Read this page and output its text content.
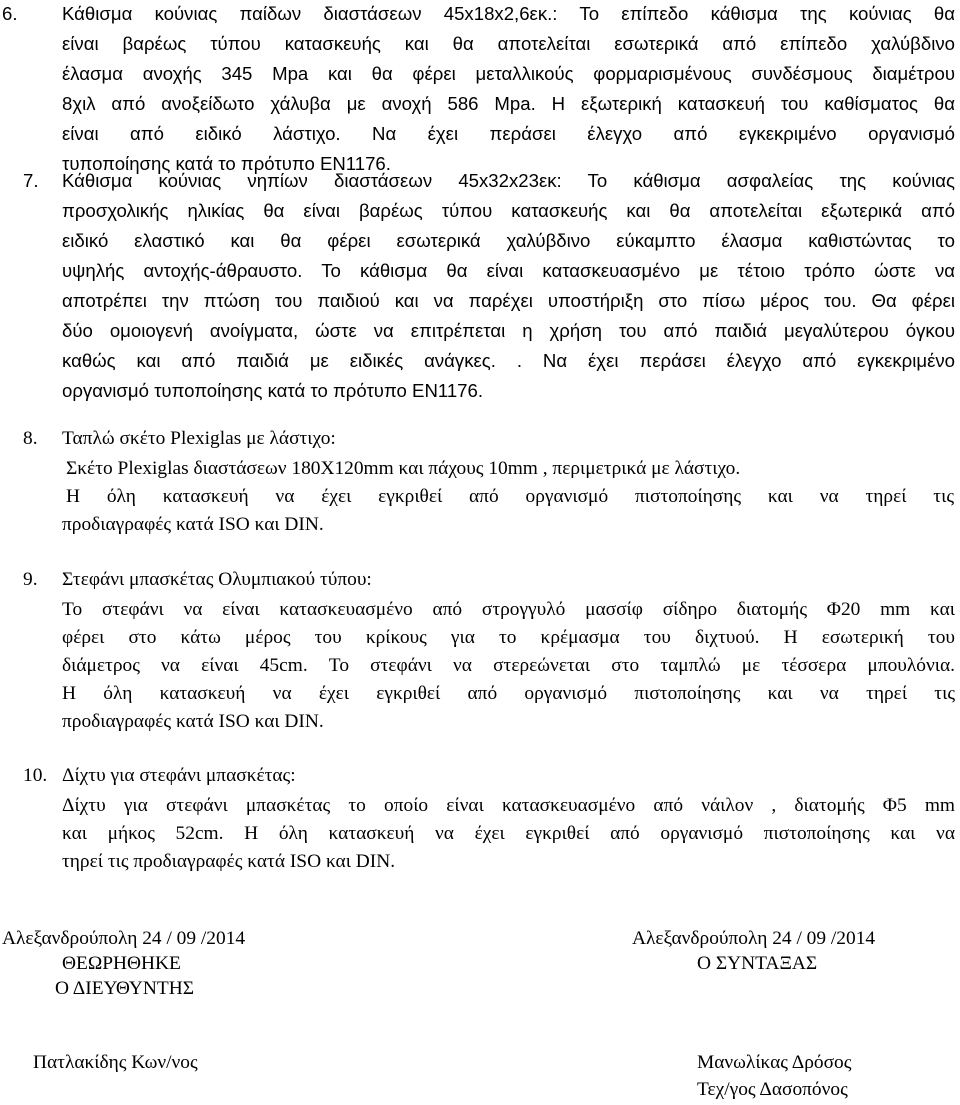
6. Κάθισμα κούνιας παίδων διαστάσεων 45x18x2,6εκ.: Το επίπεδο κάθισμα της κούνιας θα
είναι βαρέως τύπου κατασκευής και θα αποτελείται εσωτερικά από επίπεδο χαλύβδινο
έλασμα ανοχής 345 Mpa και θα φέρει μεταλλικούς φορμαρισμένους συνδέσμους διαμέτρου
8χιλ από ανοξείδωτο χάλυβα με ανοχή 586 Mpa. Η εξωτερική κατασκευή του καθίσματος θα
είναι από ειδικό λάστιχο. Να έχει περάσει έλεγχο από εγκεκριμένο οργανισμό
τυποποίησης κατά το πρότυπο EN1176.
7. Κάθισμα κούνιας νηπίων διαστάσεων 45x32x23εκ: Το κάθισμα ασφαλείας της κούνιας
προσχολικής ηλικίας θα είναι βαρέως τύπου κατασκευής και θα αποτελείται εξωτερικά από
ειδικό ελαστικό και θα φέρει εσωτερικά χαλύβδινο εύκαμπτο έλασμα καθιστώντας το
υψηλής αντοχής-άθραυστο. Το κάθισμα θα είναι κατασκευασμένο με τέτοιο τρόπο ώστε να
αποτρέπει την πτώση του παιδιού και να παρέχει υποστήριξη στο πίσω μέρος του. Θα φέρει
δύο ομοιογενή ανοίγματα, ώστε να επιτρέπεται η χρήση του από παιδιά μεγαλύτερου όγκου
καθώς και από παιδιά με ειδικές ανάγκες. . Να έχει περάσει έλεγχο από εγκεκριμένο
οργανισμό τυποποίησης κατά το πρότυπο EN1176.
8. Ταπλώ σκέτο Plexiglas με λάστιχο:
Σκέτο Plexiglas διαστάσεων 180Χ120mm και πάχους 10mm , περιμετρικά με λάστιχο.
Η όλη κατασκευή να έχει εγκριθεί από οργανισμό πιστοποίησης και να τηρεί τις
προδιαγραφές κατά ISO και DIN.
9. Στεφάνι μπασκέτας Ολυμπιακού τύπου:
Το στεφάνι να είναι κατασκευασμένο από στρογγυλό μασσίφ σίδηρο διατομής Φ20 mm και
φέρει στο κάτω μέρος του κρίκους για το κρέμασμα του διχτυού. Η εσωτερική του
διάμετρος να είναι 45cm. Το στεφάνι να στερεώνεται στο ταμπλώ με τέσσερα μπουλόνια.
Η όλη κατασκευή να έχει εγκριθεί από οργανισμό πιστοποίησης και να τηρεί τις
προδιαγραφές κατά ISO και DIN.
10. Δίχτυ για στεφάνι μπασκέτας:
Δίχτυ για στεφάνι μπασκέτας το οποίο είναι κατασκευασμένο από νάιλον , διατομής Φ5 mm
και μήκος 52cm. Η όλη κατασκευή να έχει εγκριθεί από οργανισμό πιστοποίησης και να
τηρεί τις προδιαγραφές κατά ISO και DIN.
Αλεξανδρούπολη 24 / 09 /2014
ΘΕΩΡΗΘΗΚΕ
Ο ΔΙΕΥΘΥΝΤΗΣ
Πατλακίδης Κων/νος
Αλεξανδρούπολη 24 / 09 /2014
Ο ΣΥΝΤΑΞΑΣ
Μανωλίκας Δρόσος
Τεχ/γος Δασοπόνος
